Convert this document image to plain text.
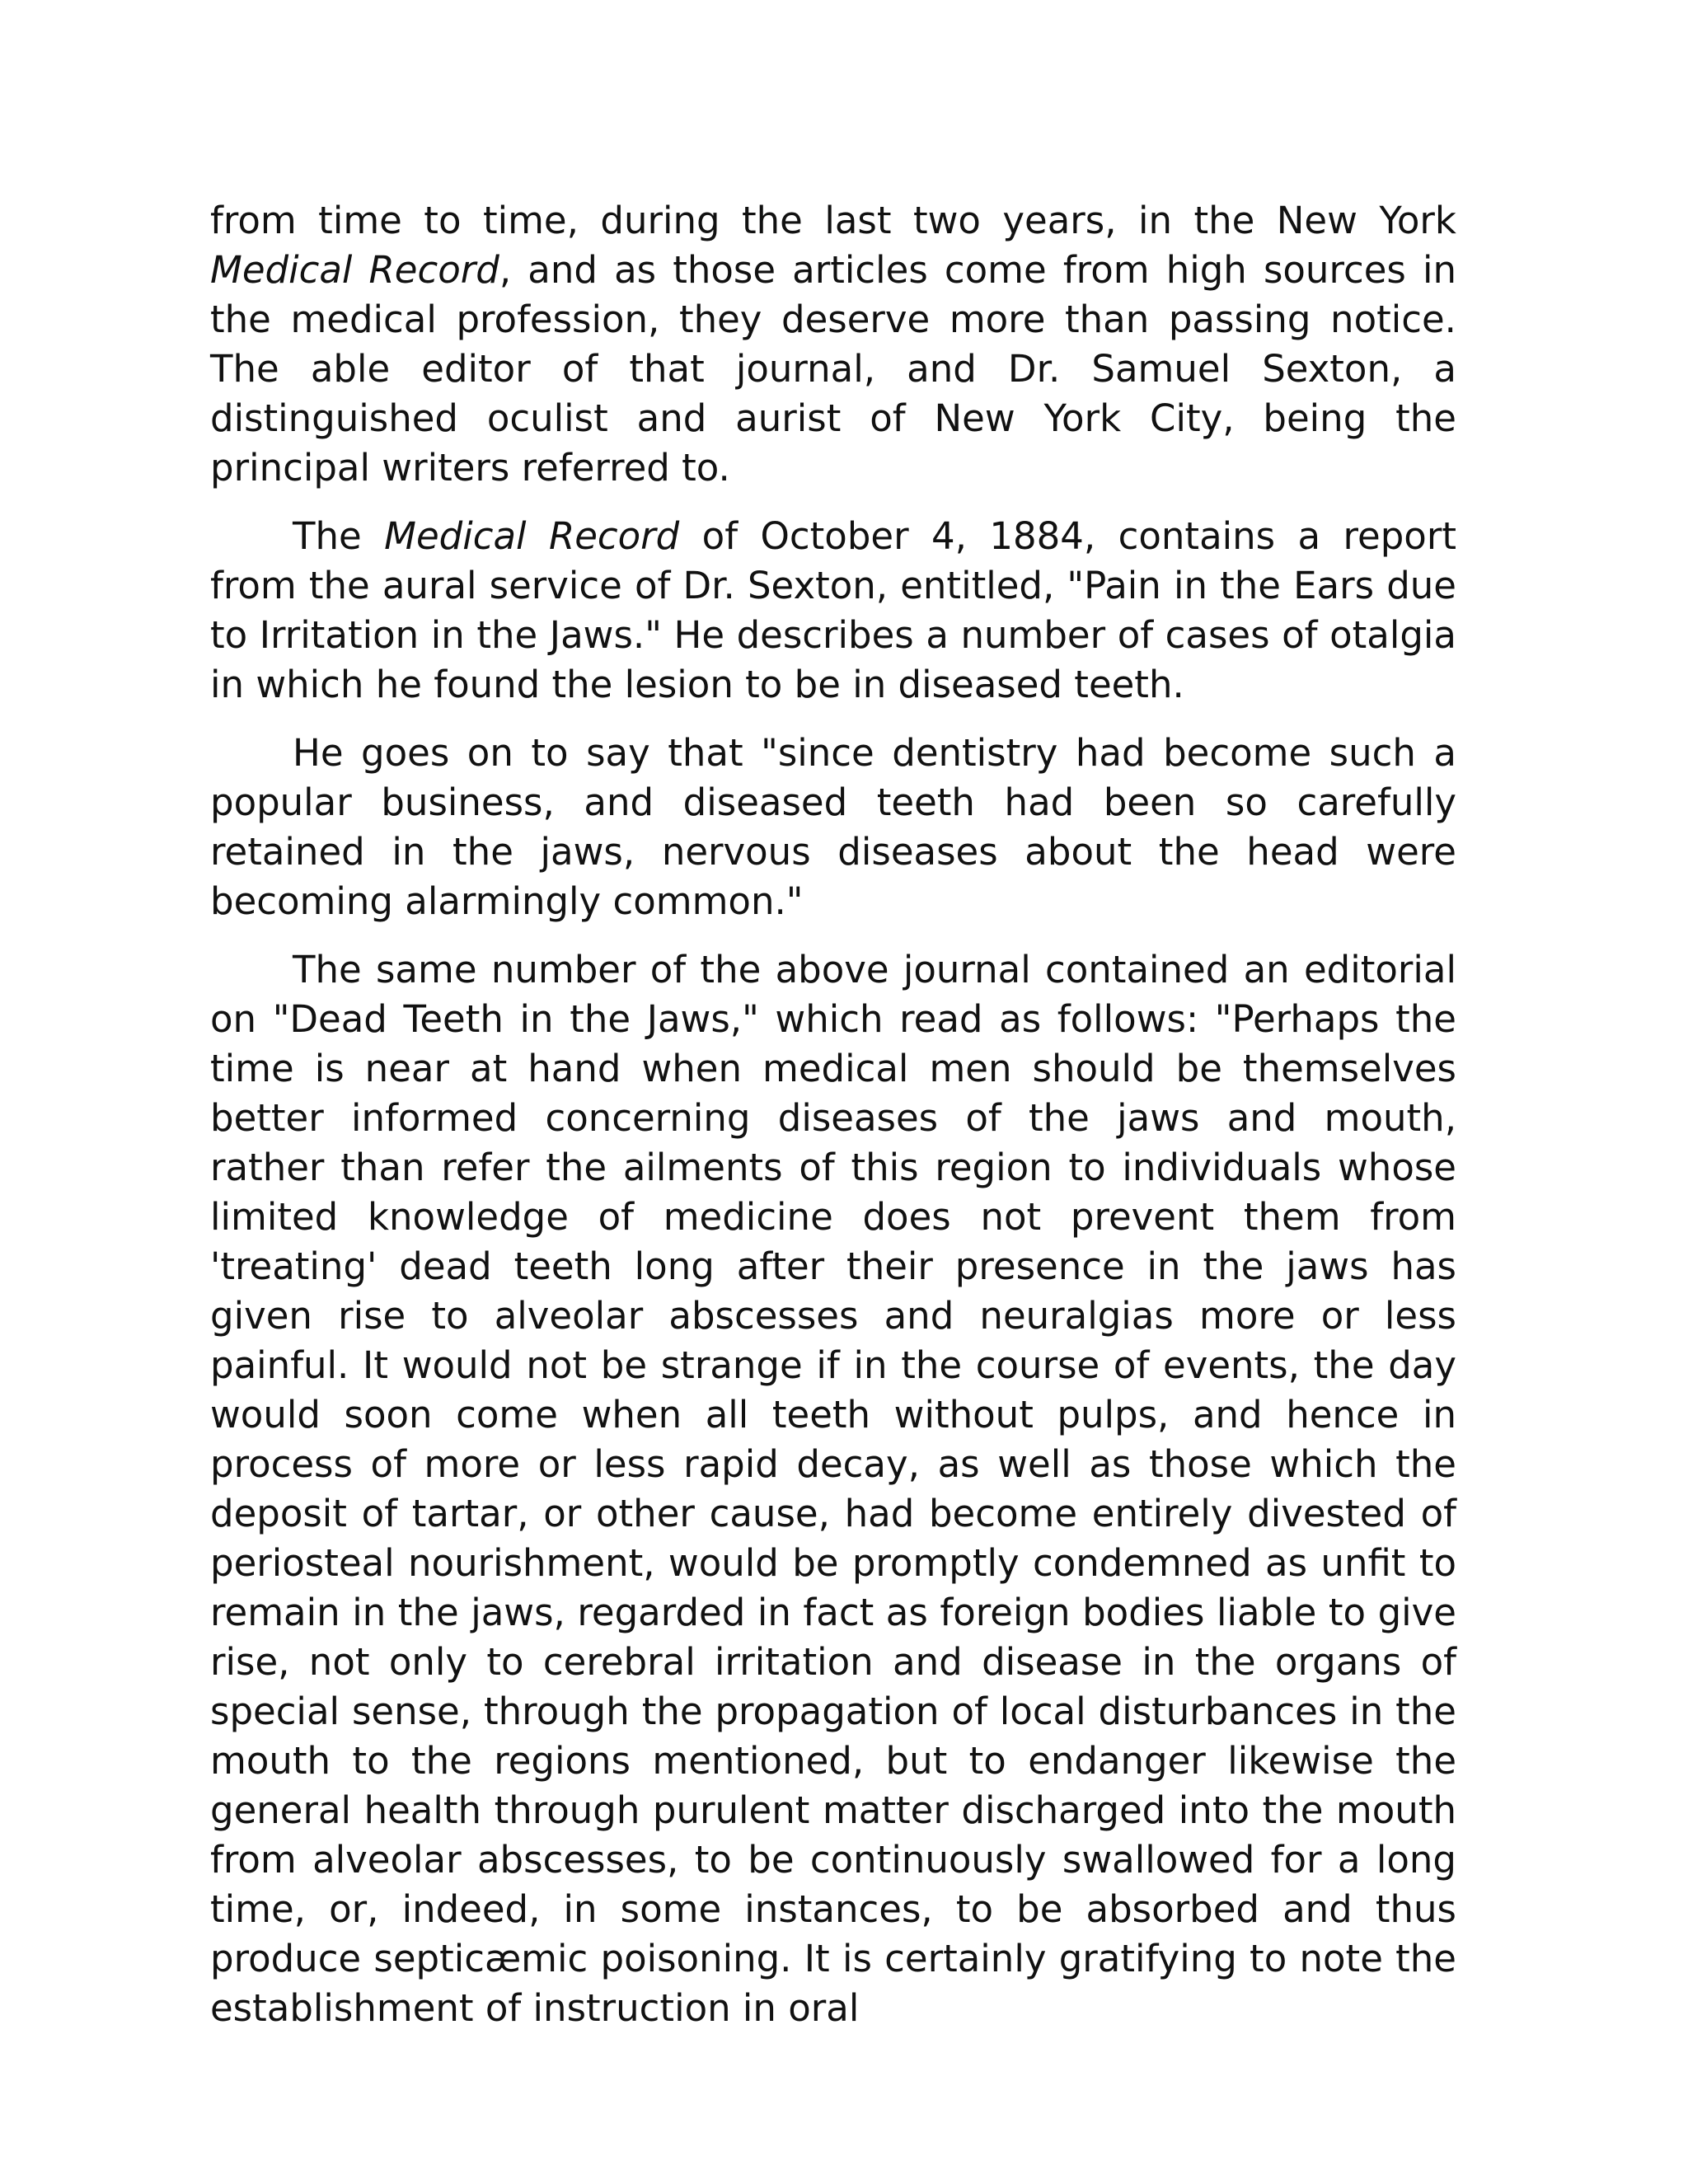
from time to time, during the last two years, in the New York Medical Record, and as those articles come from high sources in the medical profession, they deserve more than passing notice. The able editor of that journal, and Dr. Samuel Sexton, a distinguished oculist and aurist of New York City, being the principal writers referred to.

The Medical Record of October 4, 1884, contains a report from the aural service of Dr. Sexton, entitled, "Pain in the Ears due to Irritation in the Jaws." He describes a number of cases of otalgia in which he found the lesion to be in diseased teeth.

He goes on to say that "since dentistry had become such a popular business, and diseased teeth had been so carefully retained in the jaws, nervous diseases about the head were becoming alarmingly common."

The same number of the above journal contained an editorial on "Dead Teeth in the Jaws," which read as follows: "Perhaps the time is near at hand when medical men should be themselves better informed concerning diseases of the jaws and mouth, rather than refer the ailments of this region to individuals whose limited knowledge of medicine does not prevent them from 'treating' dead teeth long after their presence in the jaws has given rise to alveolar abscesses and neuralgias more or less painful. It would not be strange if in the course of events, the day would soon come when all teeth without pulps, and hence in process of more or less rapid decay, as well as those which the deposit of tartar, or other cause, had become entirely divested of periosteal nourishment, would be promptly condemned as unfit to remain in the jaws, regarded in fact as foreign bodies liable to give rise, not only to cerebral irritation and disease in the organs of special sense, through the propagation of local disturbances in the mouth to the regions mentioned, but to endanger likewise the general health through purulent matter discharged into the mouth from alveolar abscesses, to be continuously swallowed for a long time, or, indeed, in some instances, to be absorbed and thus produce septicæmic poisoning. It is certainly gratifying to note the establishment of instruction in oral
